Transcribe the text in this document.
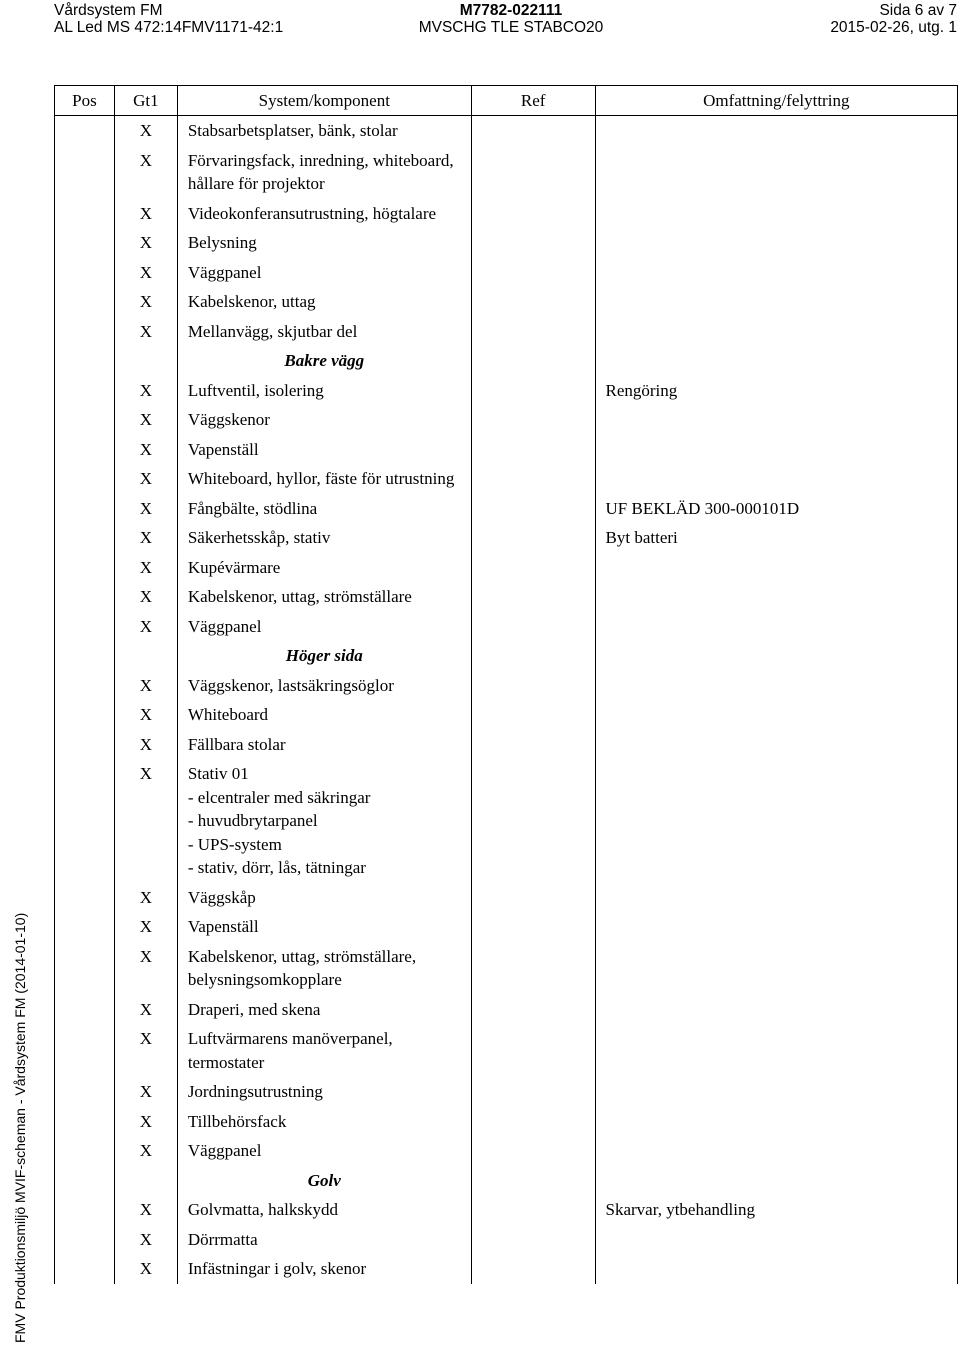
Vårdsystem FM
AL Led MS 472:14FMV1171-42:1
M7782-022111
MVSCHG TLE STABCO20
Sida 6 av 7
2015-02-26, utg. 1
FMV Produktionsmiljö MVIF-scheman - Vårdsystem FM (2014-01-10)
Pos	Gt1	System/komponent	Ref	Omfattning/felyttring
	X	Stabsarbetsplatser, bänk, stolar		
	X	Förvaringsfack, inredning, whiteboard,
hållare för projektor		

	X	Videokonferansutrustning, högtalare		
	X	Belysning		
	X	Väggpanel		
	X	Kabelskenor, uttag		
	X	Mellanvägg, skjutbar del		
		Bakre vägg		
	X	Luftventil, isolering		Rengöring
	X	Väggskenor		
	X	Vapenställ		
	X	Whiteboard, hyllor, fäste för utrustning		
	X	Fångbälte, stödlina		UF BEKLÄD 300-000101D
	X	Säkerhetsskåp, stativ		Byt batteri
	X	Kupévärmare		
	X	Kabelskenor, uttag, strömställare		
	X	Väggpanel		
		Höger sida		
	X	Väggskenor, lastsäkringsöglor		
	X	Whiteboard		
	X	Fällbara stolar		
	X	Stativ 01
- elcentraler med säkringar
- huvudbrytarpanel
- UPS-system
- stativ, dörr, lås, tätningar		

	X	Väggskåp		
	X	Vapenställ		
	X	Kabelskenor, uttag, strömställare,
belysningsomkopplare		

	X	Draperi, med skena		
	X	Luftvärmarens manöverpanel, termostater		
	X	Jordningsutrustning		
	X	Tillbehörsfack		
	X	Väggpanel		
		Golv		
	X	Golvmatta, halkskydd		Skarvar, ytbehandling
	X	Dörrmatta		
	X	Infästningar i golv, skenor		
